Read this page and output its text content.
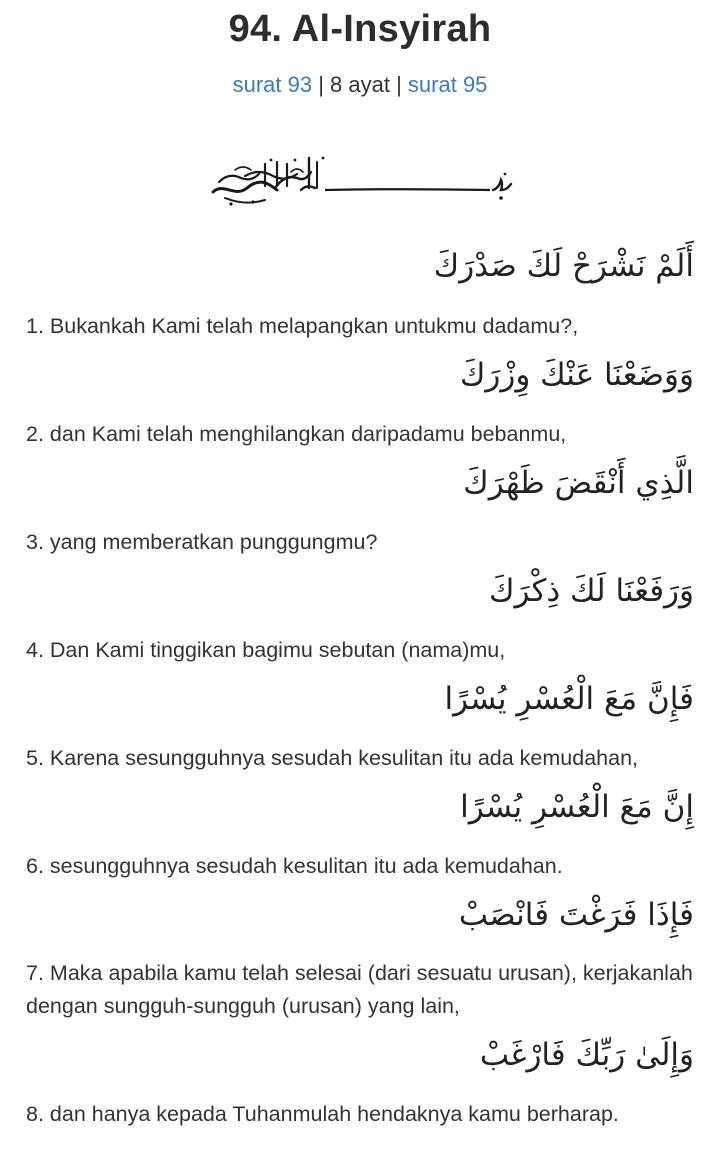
94. Al-Insyirah
surat 93 | 8 ayat | surat 95
أَلَمْ نَشْرَحْ لَكَ صَدْرَكَ
1. Bukankah Kami telah melapangkan untukmu dadamu?,
وَوَضَعْنَا عَنْكَ وِزْرَكَ
2. dan Kami telah menghilangkan daripadamu bebanmu,
الَّذِي أَنْقَضَ ظَهْرَكَ
3. yang memberatkan punggungmu?
وَرَفَعْنَا لَكَ ذِكْرَكَ
4. Dan Kami tinggikan bagimu sebutan (nama)mu,
فَإِنَّ مَعَ الْعُسْرِ يُسْرًا
5. Karena sesungguhnya sesudah kesulitan itu ada kemudahan,
إِنَّ مَعَ الْعُسْرِ يُسْرًا
6. sesungguhnya sesudah kesulitan itu ada kemudahan.
فَإِذَا فَرَغْتَ فَانْصَبْ
7. Maka apabila kamu telah selesai (dari sesuatu urusan), kerjakanlah dengan sungguh-sungguh (urusan) yang lain,
وَإِلَىٰ رَبِّكَ فَارْغَبْ
8. dan hanya kepada Tuhanmulah hendaknya kamu berharap.
